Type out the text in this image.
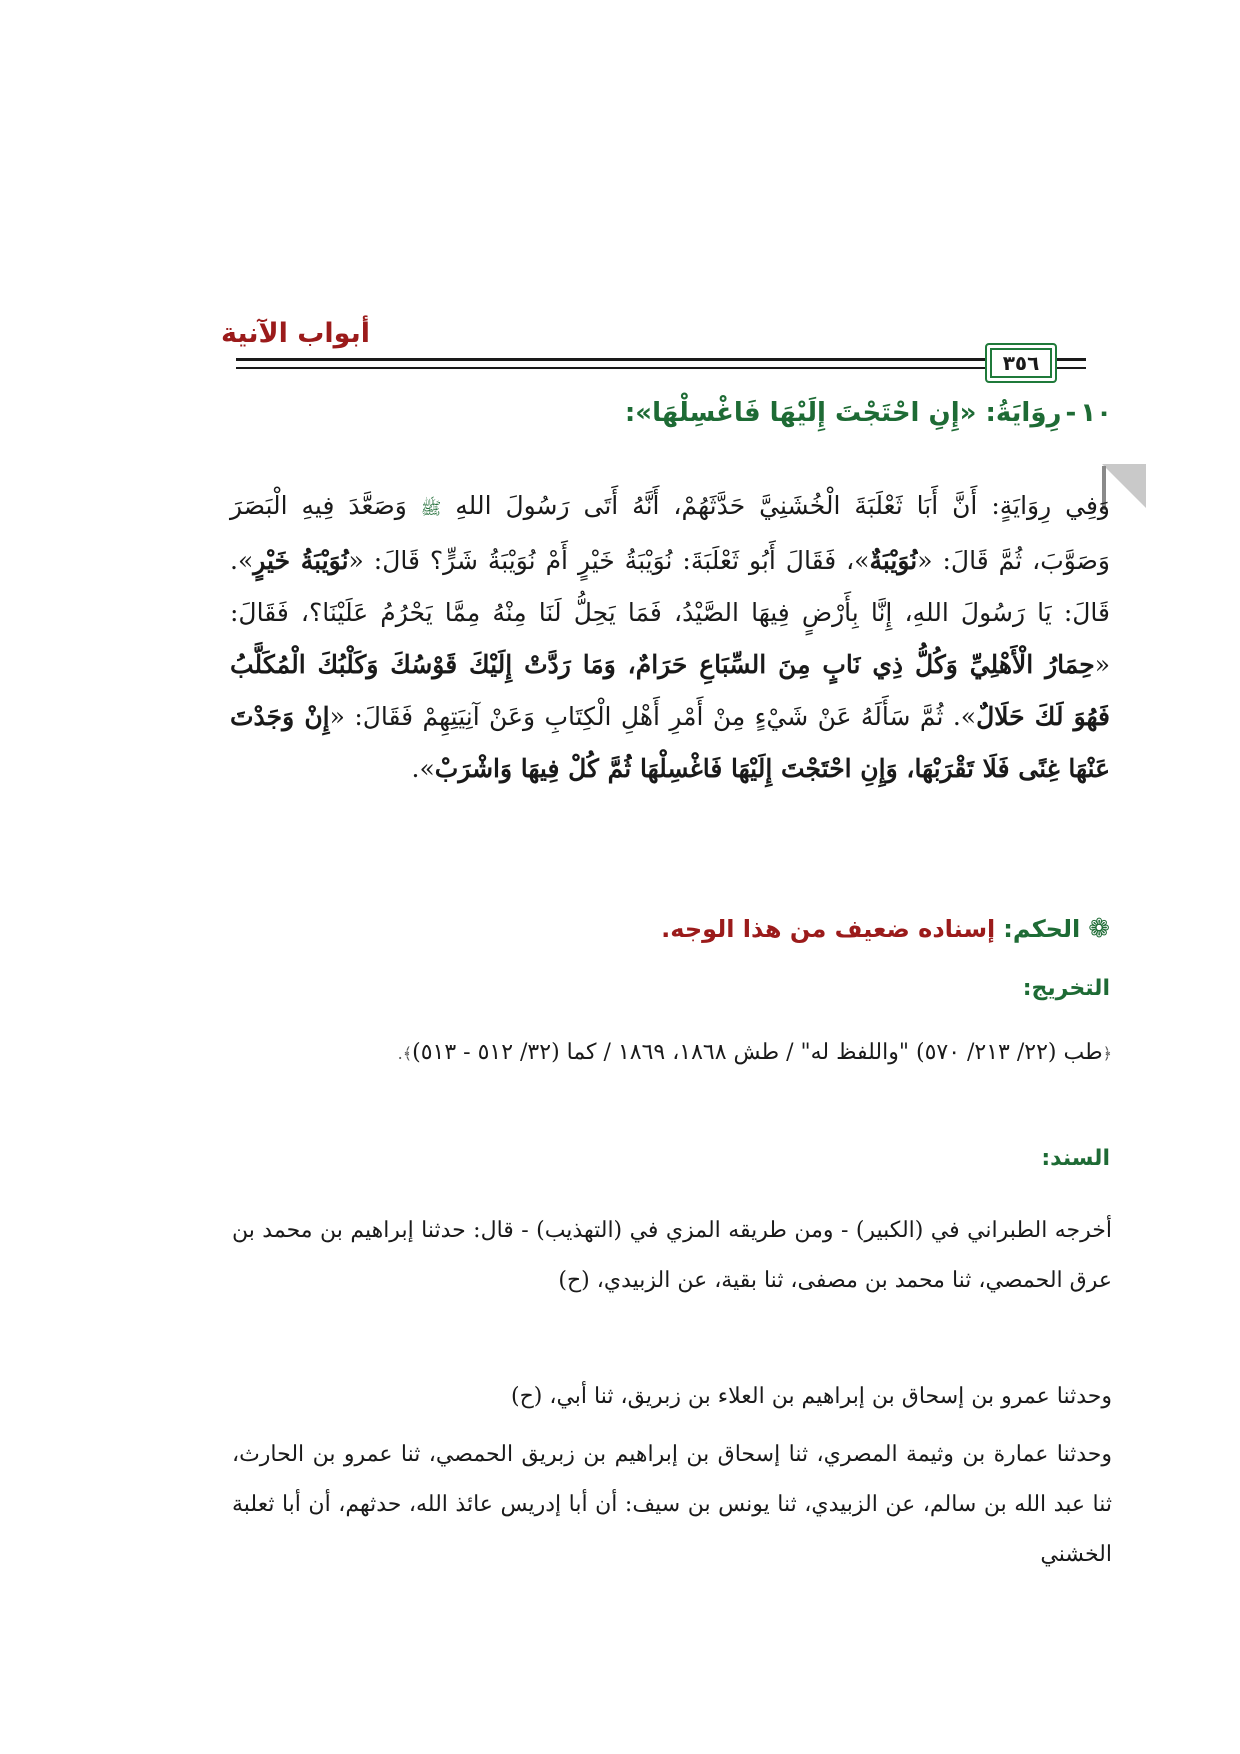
أبواب الآنية
٣٥٦
١٠-رِوَايَةُ: «إِنِ احْتَجْتَ إِلَيْهَا فَاغْسِلْهَا»:

وَفِي رِوَايَةٍ: أَنَّ أَبَا ثَعْلَبَةَ الْخُشَنِيَّ حَدَّثَهُمْ، أَنَّهُ أَتَى رَسُولَ اللهِ ﷺ وَصَعَّدَ فِيهِ الْبَصَرَ وَصَوَّبَ، ثُمَّ قَالَ: «نُوَيْبَةٌ»، فَقَالَ أَبُو ثَعْلَبَةَ: نُوَيْبَةُ خَيْرٍ أَمْ نُوَيْبَةُ شَرٍّ؟ قَالَ: «نُوَيْبَةُ خَيْرٍ». قَالَ: يَا رَسُولَ اللهِ، إِنَّا بِأَرْضٍ فِيهَا الصَّيْدُ، فَمَا يَحِلُّ لَنَا مِنْهُ مِمَّا يَحْرُمُ عَلَيْنَا؟، فَقَالَ: «حِمَارُ الْأَهْلِيِّ وَكُلُّ ذِي نَابٍ مِنَ السِّبَاعِ حَرَامٌ، وَمَا رَدَّتْ إِلَيْكَ قَوْسُكَ وَكَلْبُكَ الْمُكَلَّبُ فَهُوَ لَكَ حَلَالٌ». ثُمَّ سَأَلَهُ عَنْ شَيْءٍ مِنْ أَمْرِ أَهْلِ الْكِتَابِ وَعَنْ آنِيَتِهِمْ فَقَالَ: «إِنْ وَجَدْتَ عَنْهَا غِنًى فَلَا تَقْرَبْهَا، وَإِنِ احْتَجْتَ إِلَيْهَا فَاغْسِلْهَا ثُمَّ كُلْ فِيهَا وَاشْرَبْ».

❁الحكم:إسناده ضعيف من هذا الوجه.

التخريج:

﴿طب (٢٢/ ٢١٣/ ٥٧٠) "واللفظ له" / طش ١٨٦٨، ١٨٦٩ / كما (٣٢/ ٥١٢ - ٥١٣)﴾.

السند:

أخرجه الطبراني في (الكبير) - ومن طريقه المزي في (التهذيب) - قال: حدثنا إبراهيم بن محمد بن عرق الحمصي، ثنا محمد بن مصفى، ثنا بقية، عن الزبيدي، (ح)

وحدثنا عمرو بن إسحاق بن إبراهيم بن العلاء بن زبريق، ثنا أبي، (ح)

وحدثنا عمارة بن وثيمة المصري، ثنا إسحاق بن إبراهيم بن زبريق الحمصي، ثنا عمرو بن الحارث، ثنا عبد الله بن سالم، عن الزبيدي، ثنا يونس بن سيف: أن أبا إدريس عائذ الله، حدثهم، أن أبا ثعلبة الخشني
